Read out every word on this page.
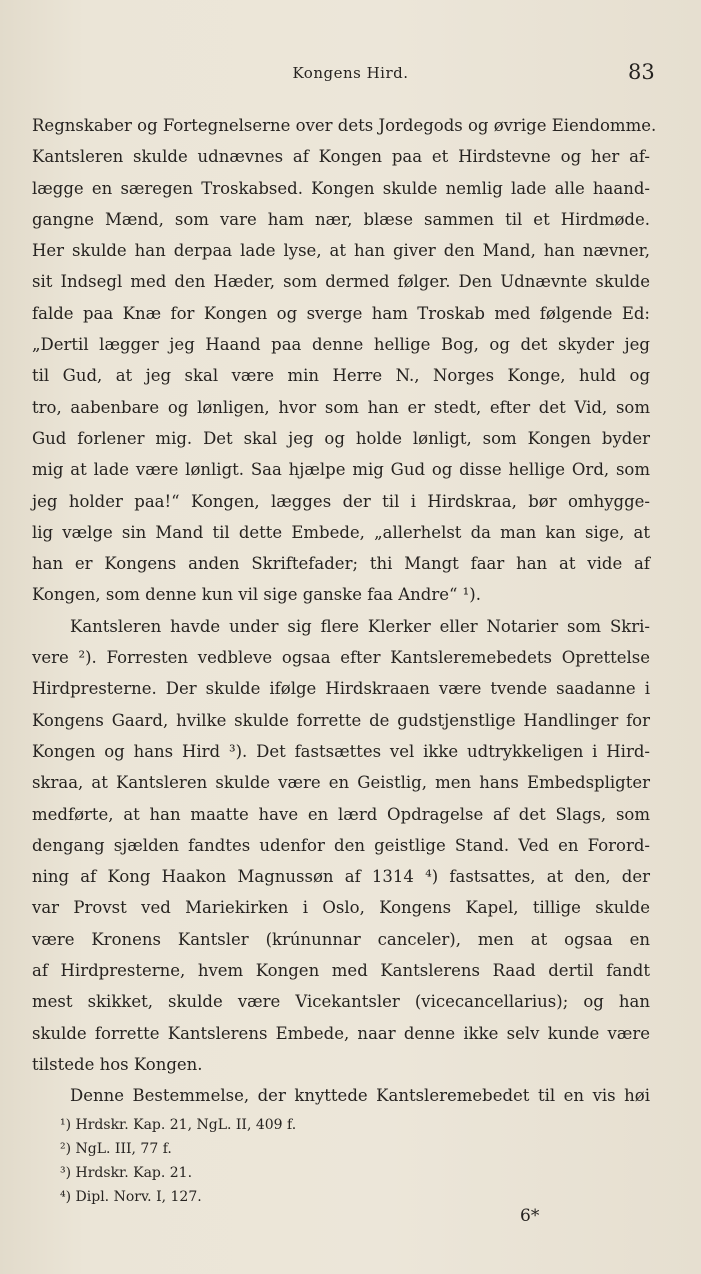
Kongens Hird.	83
Regnskaber og Fortegnelserne over dets Jordegods og øvrige Eiendomme.
Kantsleren skulde udnævnes af Kongen paa et Hirdstevne og her af-
lægge en særegen Troskabsed. Kongen skulde nemlig lade alle haand-
gangne Mænd, som vare ham nær, blæse sammen til et Hirdmøde.
Her skulde han derpaa lade lyse, at han giver den Mand, han nævner,
sit Indsegl med den Hæder, som dermed følger. Den Udnævnte skulde
falde paa Knæ for Kongen og sverge ham Troskab med følgende Ed:
„Dertil lægger jeg Haand paa denne hellige Bog, og det skyder jeg
til Gud, at jeg skal være min Herre N., Norges Konge, huld og
tro, aabenbare og lønligen, hvor som han er stedt, efter det Vid, som
Gud forlener mig. Det skal jeg og holde lønligt, som Kongen byder
mig at lade være lønligt. Saa hjælpe mig Gud og disse hellige Ord, som
jeg holder paa!“ Kongen, lægges der til i Hirdskraa, bør omhygge-
lig vælge sin Mand til dette Embede, „allerhelst da man kan sige, at
han er Kongens anden Skriftefader; thi Mangt faar han at vide af
Kongen, som denne kun vil sige ganske faa Andre“ ¹).
Kantsleren havde under sig flere Klerker eller Notarier som Skri-
vere ²). Forresten vedbleve ogsaa efter Kantsleremebedets Oprettelse
Hirdpresterne. Der skulde ifølge Hirdskraaen være tvende saadanne i
Kongens Gaard, hvilke skulde forrette de gudstjenstlige Handlinger for
Kongen og hans Hird ³). Det fastsættes vel ikke udtrykkeligen i Hird-
skraa, at Kantsleren skulde være en Geistlig, men hans Embedspligter
medførte, at han maatte have en lærd Opdragelse af det Slags, som
dengang sjælden fandtes udenfor den geistlige Stand. Ved en Forord-
ning af Kong Haakon Magnussøn af 1314 ⁴) fastsattes, at den, der
var Provst ved Mariekirken i Oslo, Kongens Kapel, tillige skulde
være Kronens Kantsler (krúnunnar canceler), men at ogsaa en
af Hirdpresterne, hvem Kongen med Kantslerens Raad dertil fandt
mest skikket, skulde være Vicekantsler (vicecancellarius); og han
skulde forrette Kantslerens Embede, naar denne ikke selv kunde være
tilstede hos Kongen.
Denne Bestemmelse, der knyttede Kantsleremebedet til en vis høi
¹) Hrdskr. Kap. 21, NgL. II, 409 f.
²) NgL. III, 77 f.
³) Hrdskr. Kap. 21.
⁴) Dipl. Norv. I, 127.
6*
